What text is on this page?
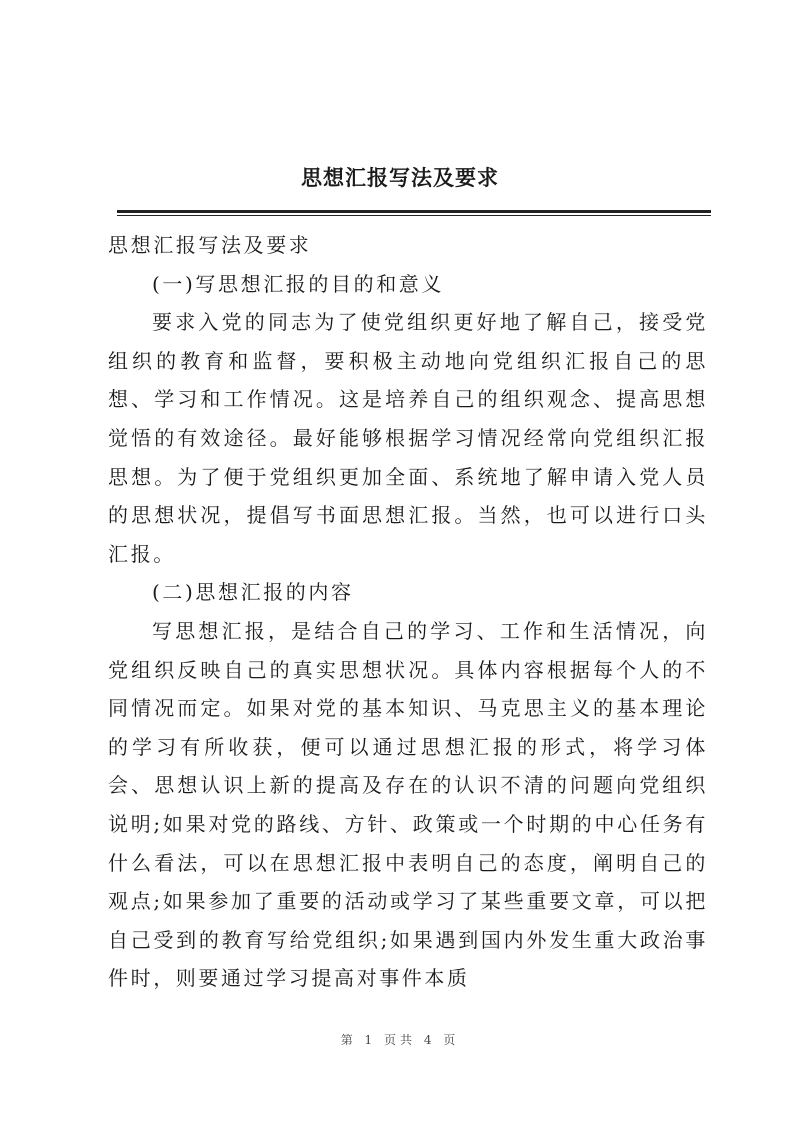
思想汇报写法及要求

思想汇报写法及要求

(一)写思想汇报的目的和意义

要求入党的同志为了使党组织更好地了解自己，接受党组织的教育和监督，要积极主动地向党组织汇报自己的思想、学习和工作情况。这是培养自己的组织观念、提高思想觉悟的有效途径。最好能够根据学习情况经常向党组织汇报思想。为了便于党组织更加全面、系统地了解申请入党人员的思想状况，提倡写书面思想汇报。当然，也可以进行口头汇报。

(二)思想汇报的内容

写思想汇报，是结合自己的学习、工作和生活情况，向党组织反映自己的真实思想状况。具体内容根据每个人的不同情况而定。如果对党的基本知识、马克思主义的基本理论的学习有所收获，便可以通过思想汇报的形式，将学习体会、思想认识上新的提高及存在的认识不清的问题向党组织说明;如果对党的路线、方针、政策或一个时期的中心任务有什么看法，可以在思想汇报中表明自己的态度，阐明自己的观点;如果参加了重要的活动或学习了某些重要文章，可以把自己受到的教育写给党组织;如果遇到国内外发生重大政治事件时，则要通过学习提高对事件本质

第 1 页共 4 页
